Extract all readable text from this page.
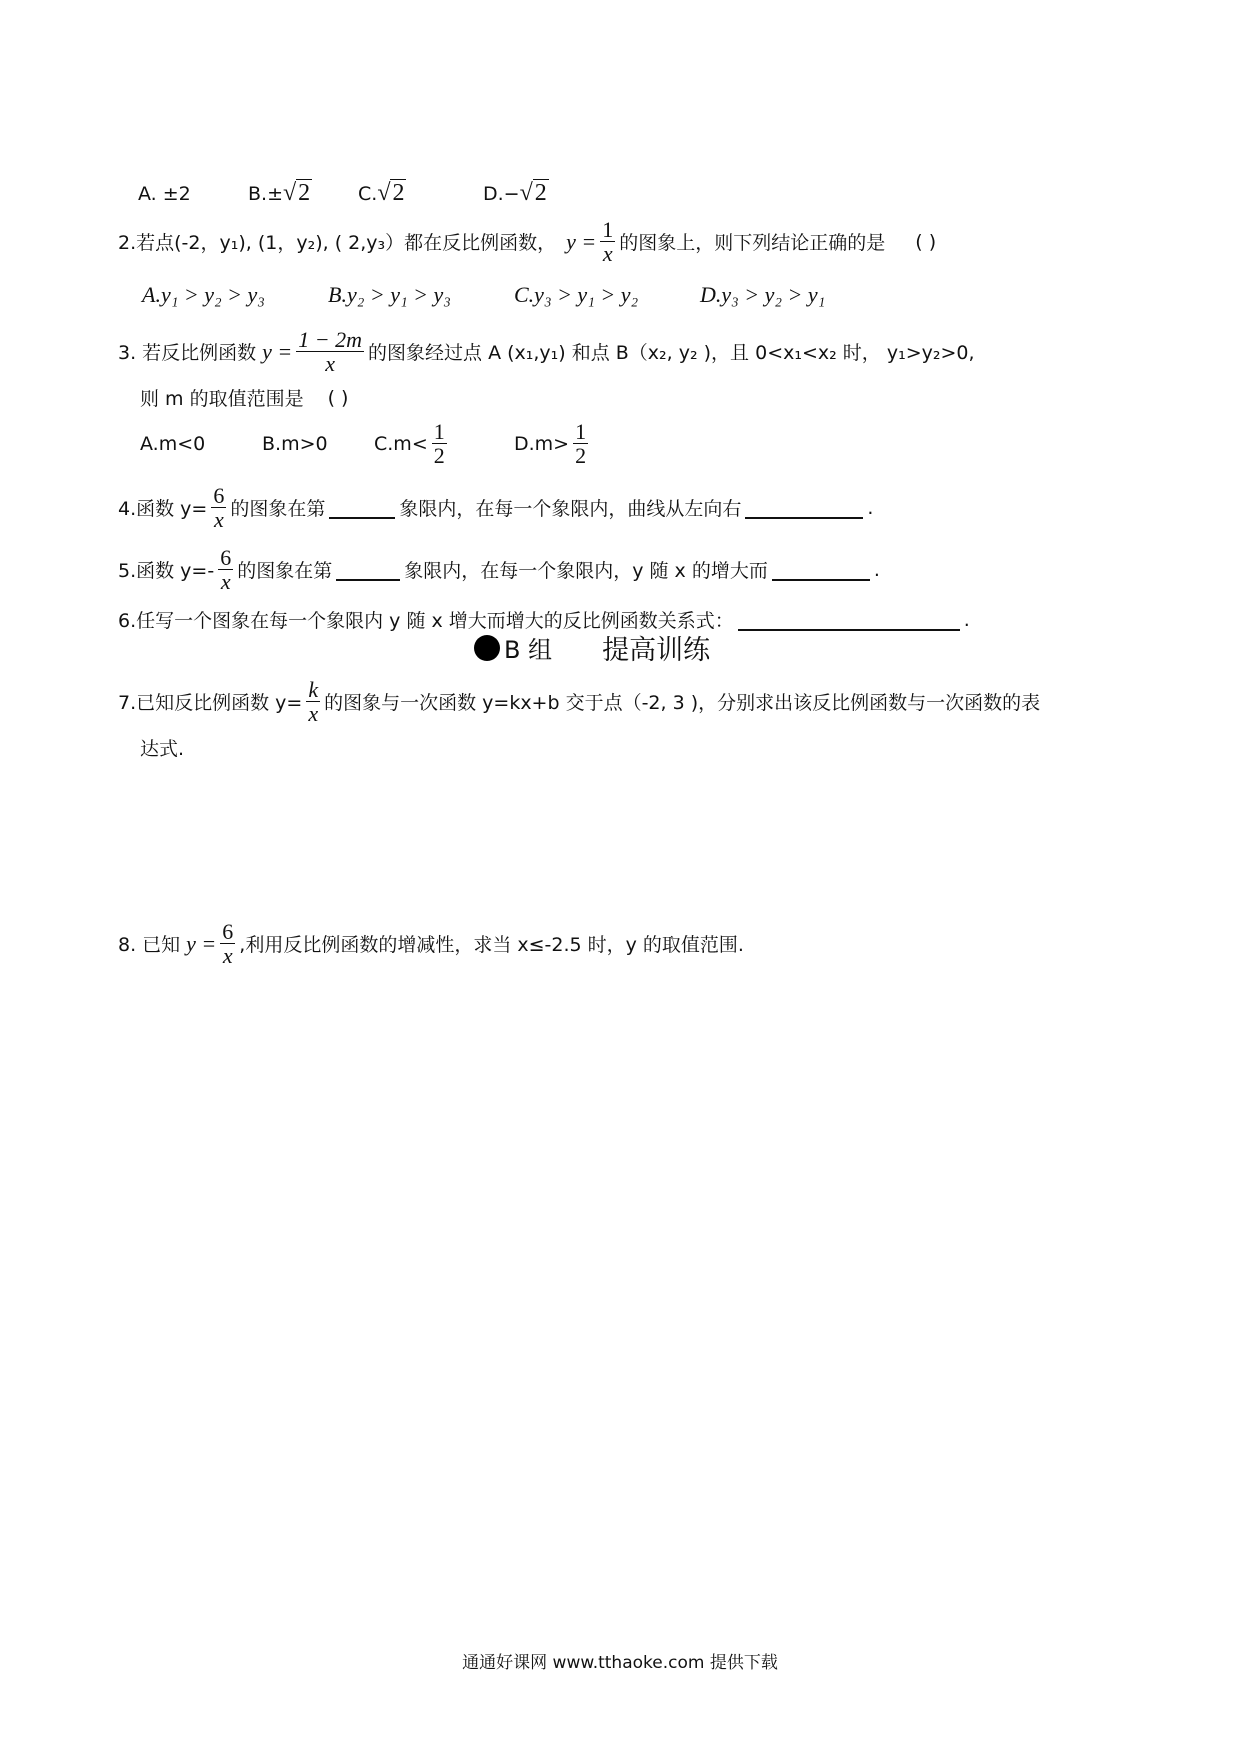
A. ±2	B.±√2	C.√2	D.−√2
2.若点(-2，y₁), (1，y₂), ( 2,y₃）都在反比例函数， $y = \frac{1}{x}$ 的图象上，则下列结论正确的是 ( )
A.y₁ > y₂ > y₃	B.y₂ > y₁ > y₃	C.y₃ > y₁ > y₂	D.y₃ > y₂ > y₁
3. 若反比例函数 $y = \frac{1 - 2m}{x}$ 的图象经过点 A (x₁,y₁) 和点 B（x₂, y₂ )，且 0<x₁<x₂ 时， y₁>y₂>0,
则 m 的取值范围是 ( )
A.m<0	B.m>0	$C.m< \frac{1}{2}$	$D.m> \frac{1}{2}$
4.函数 $y= \frac{6}{x}$ 的图象在第	象限内，在每一个象限内，曲线从左向右	.
5.函数 $y=- \frac{6}{x}$ 的图象在第	象限内，在每一个象限内，y 随 x 的增大而	.
6.任写一个图象在每一个象限内 y 随 x 增大而增大的反比例函数关系式：	.
B 组 提高训练
7.已知反比例函数 $y= \frac{k}{x}$ 的图象与一次函数 y=kx+b 交于点（-2, 3 )，分别求出该反比例函数与一次函数的表
达式.
8. 已知 $y = \frac{6}{x}$ ,利用反比例函数的增减性，求当 x≤-2.5 时，y 的取值范围.
通通好课网 www.tthaoke.com 提供下载
